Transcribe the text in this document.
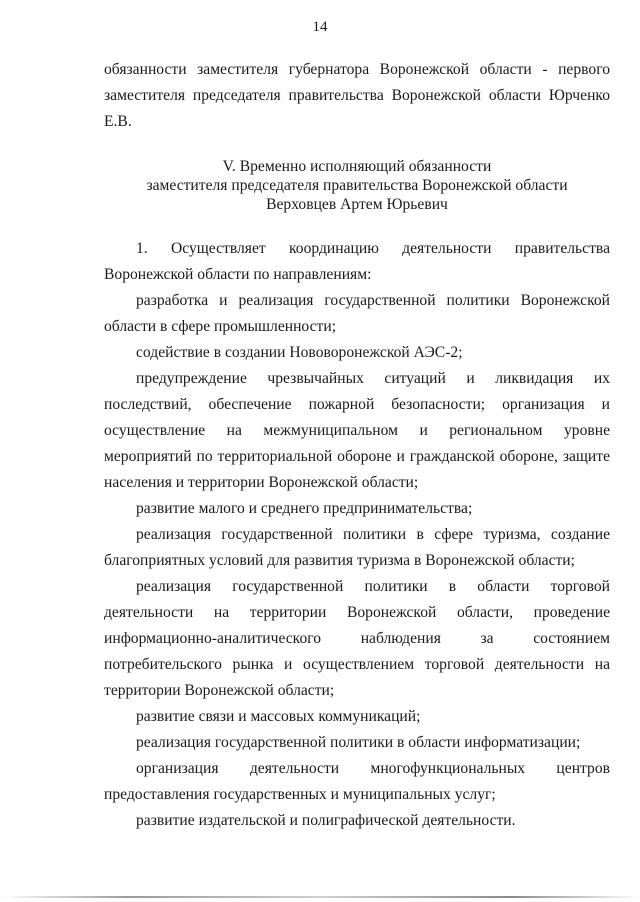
14

обязанности заместителя губернатора Воронежской области - первого заместителя председателя правительства Воронежской области Юрченко Е.В.

V. Временно исполняющий обязанности
заместителя председателя правительства Воронежской области
Верховцев Артем Юрьевич

1. Осуществляет координацию деятельности правительства Воронежской области по направлениям:

разработка и реализация государственной политики Воронежской области в сфере промышленности;

содействие в создании Нововоронежской АЭС-2;

предупреждение чрезвычайных ситуаций и ликвидация их последствий, обеспечение пожарной безопасности; организация и осуществление на межмуниципальном и региональном уровне мероприятий по территориальной обороне и гражданской обороне, защите населения и территории Воронежской области;

развитие малого и среднего предпринимательства;

реализация государственной политики в сфере туризма, создание благоприятных условий для развития туризма в Воронежской области;

реализация государственной политики в области торговой деятельности на территории Воронежской области, проведение информационно-аналитического наблюдения за состоянием потребительского рынка и осуществлением торговой деятельности на территории Воронежской области;

развитие связи и массовых коммуникаций;

реализация государственной политики в области информатизации;

организация деятельности многофункциональных центров предоставления государственных и муниципальных услуг;

развитие издательской и полиграфической деятельности.
